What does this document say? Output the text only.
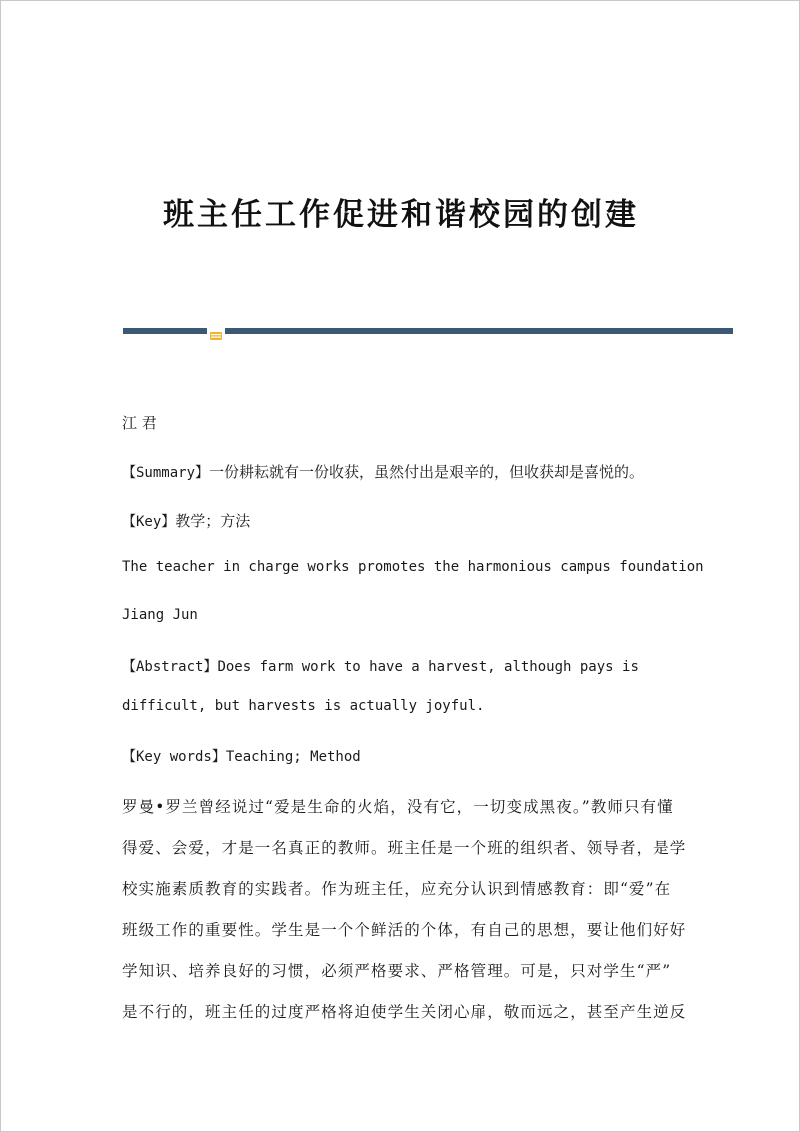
班主任工作促进和谐校园的创建
江 君
【Summary】一份耕耘就有一份收获，虽然付出是艰辛的，但收获却是喜悦的。
【Key】教学；方法
The teacher in charge works promotes the harmonious campus foundation
Jiang Jun
【Abstract】Does farm work to have a harvest, although pays is
difficult, but harvests is actually joyful.
【Key words】Teaching; Method
罗曼•罗兰曾经说过“爱是生命的火焰，没有它，一切变成黑夜。”教师只有懂
得爱、会爱，才是一名真正的教师。班主任是一个班的组织者、领导者，是学
校实施素质教育的实践者。作为班主任，应充分认识到情感教育：即“爱”在
班级工作的重要性。学生是一个个鲜活的个体，有自己的思想，要让他们好好
学知识、培养良好的习惯，必须严格要求、严格管理。可是，只对学生“严”
是不行的，班主任的过度严格将迫使学生关闭心扉，敬而远之，甚至产生逆反
